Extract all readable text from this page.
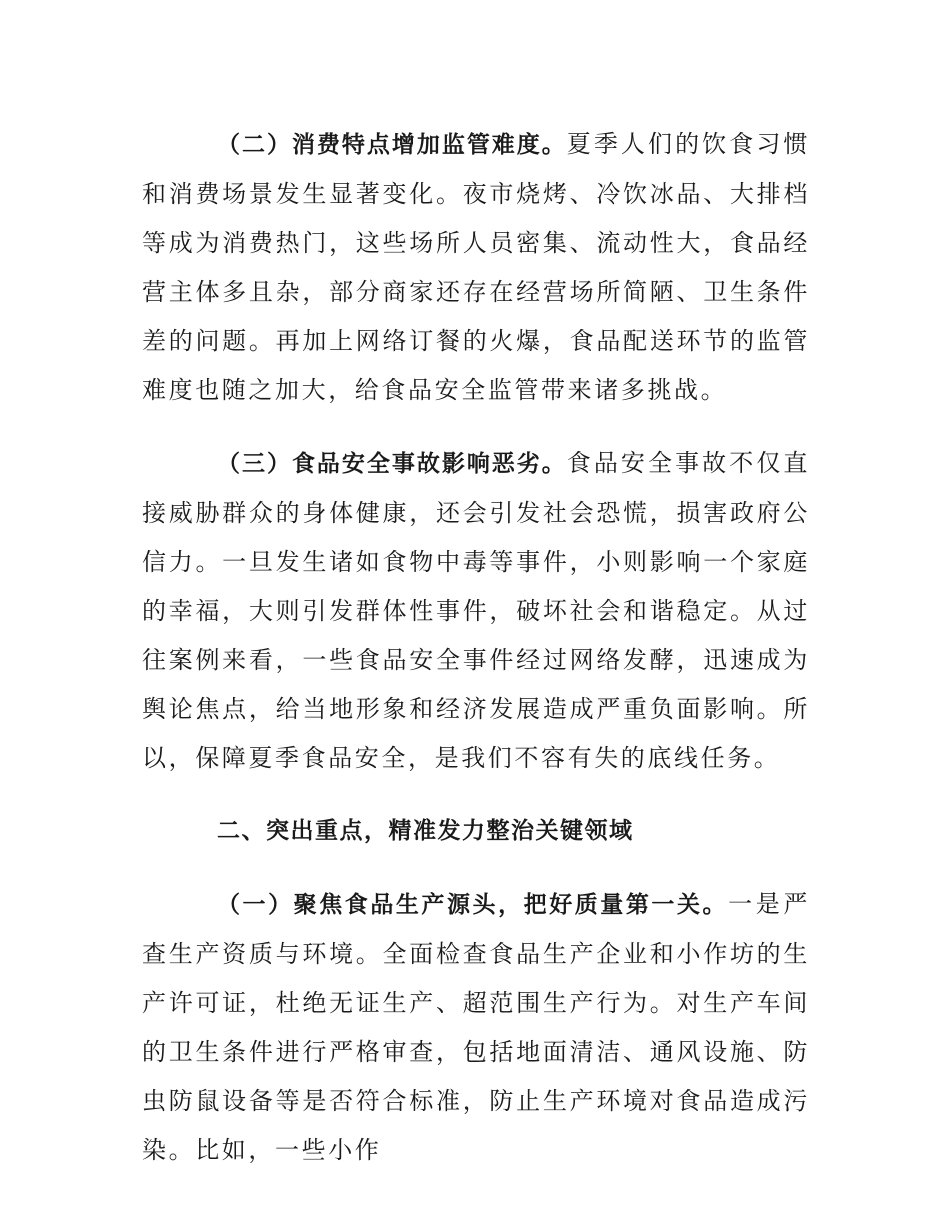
（二）消费特点增加监管难度。夏季人们的饮食习惯和消费场景发生显著变化。夜市烧烤、冷饮冰品、大排档等成为消费热门，这些场所人员密集、流动性大，食品经营主体多且杂，部分商家还存在经营场所简陋、卫生条件差的问题。再加上网络订餐的火爆，食品配送环节的监管难度也随之加大，给食品安全监管带来诸多挑战。

（三）食品安全事故影响恶劣。食品安全事故不仅直接威胁群众的身体健康，还会引发社会恐慌，损害政府公信力。一旦发生诸如食物中毒等事件，小则影响一个家庭的幸福，大则引发群体性事件，破坏社会和谐稳定。从过往案例来看，一些食品安全事件经过网络发酵，迅速成为舆论焦点，给当地形象和经济发展造成严重负面影响。所以，保障夏季食品安全，是我们不容有失的底线任务。

二、突出重点，精准发力整治关键领域

（一）聚焦食品生产源头，把好质量第一关。一是严查生产资质与环境。全面检查食品生产企业和小作坊的生产许可证，杜绝无证生产、超范围生产行为。对生产车间的卫生条件进行严格审查，包括地面清洁、通风设施、防虫防鼠设备等是否符合标准，防止生产环境对食品造成污染。比如，一些小作
